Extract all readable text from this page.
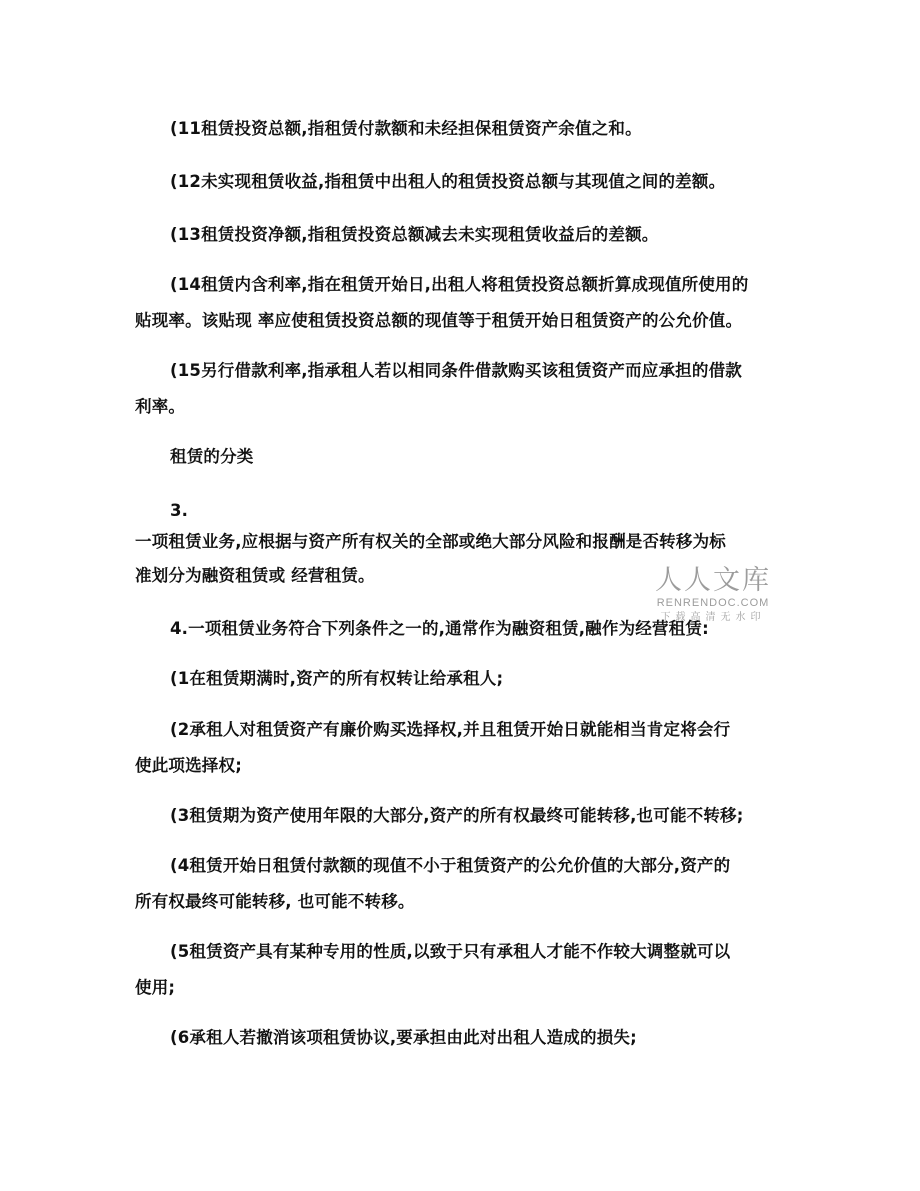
(11租赁投资总额,指租赁付款额和未经担保租赁资产余值之和。
(12未实现租赁收益,指租赁中出租人的租赁投资总额与其现值之间的差额。
(13租赁投资净额,指租赁投资总额减去未实现租赁收益后的差额。
(14租赁内含利率,指在租赁开始日,出租人将租赁投资总额折算成现值所使用的
贴现率。该贴现 率应使租赁投资总额的现值等于租赁开始日租赁资产的公允价值。
(15另行借款利率,指承租人若以相同条件借款购买该租赁资产而应承担的借款
利率。
租赁的分类
3.
一项租赁业务,应根据与资产所有权关的全部或绝大部分风险和报酬是否转移为标
准划分为融资租赁或 经营租赁。
4.一项租赁业务符合下列条件之一的,通常作为融资租赁,融作为经营租赁:
(1在租赁期满时,资产的所有权转让给承租人;
(2承租人对租赁资产有廉价购买选择权,并且租赁开始日就能相当肯定将会行
使此项选择权;
(3租赁期为资产使用年限的大部分,资产的所有权最终可能转移,也可能不转移;
(4租赁开始日租赁付款额的现值不小于租赁资产的公允价值的大部分,资产的
所有权最终可能转移, 也可能不转移。
(5租赁资产具有某种专用的性质,以致于只有承租人才能不作较大调整就可以
使用;
(6承租人若撤消该项租赁协议,要承担由此对出租人造成的损失;
人人文库
RENRENDOC.COM
下载高清无水印
